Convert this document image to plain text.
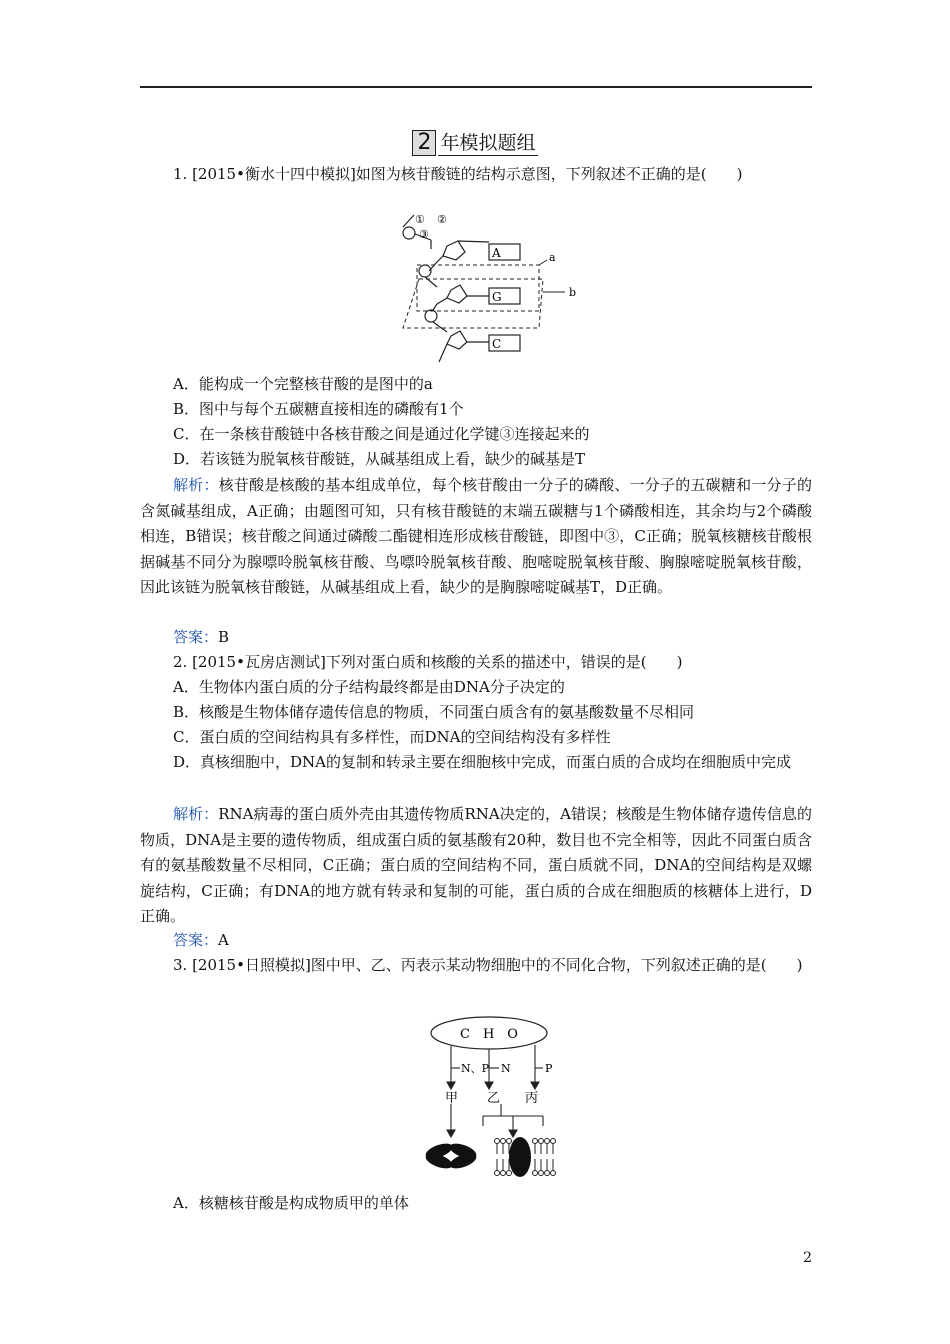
2 年模拟题组

1. [2015•衡水十四中模拟]如图为核苷酸链的结构示意图，下列叙述不正确的是(　　)

a
b
A
G
C
① ②
③

A．能构成一个完整核苷酸的是图中的a

B．图中与每个五碳糖直接相连的磷酸有1个

C．在一条核苷酸链中各核苷酸之间是通过化学键③连接起来的

D．若该链为脱氧核苷酸链，从碱基组成上看，缺少的碱基是T

解析：核苷酸是核酸的基本组成单位，每个核苷酸由一分子的磷酸、一分子的五碳糖和一分子的含氮碱基组成，A正确；由题图可知，只有核苷酸链的末端五碳糖与1个磷酸相连，其余均与2个磷酸相连，B错误；核苷酸之间通过磷酸二酯键相连形成核苷酸链，即图中③，C正确；脱氧核糖核苷酸根据碱基不同分为腺嘌呤脱氧核苷酸、鸟嘌呤脱氧核苷酸、胞嘧啶脱氧核苷酸、胸腺嘧啶脱氧核苷酸，因此该链为脱氧核苷酸链，从碱基组成上看，缺少的是胸腺嘧啶碱基T，D正确。

答案：B

2. [2015•瓦房店测试]下列对蛋白质和核酸的关系的描述中，错误的是(　　)

A．生物体内蛋白质的分子结构最终都是由DNA分子决定的

B．核酸是生物体储存遗传信息的物质，不同蛋白质含有的氨基酸数量不尽相同

C．蛋白质的空间结构具有多样性，而DNA的空间结构没有多样性

D．真核细胞中，DNA的复制和转录主要在细胞核中完成，而蛋白质的合成均在细胞质中完成

解析：RNA病毒的蛋白质外壳由其遗传物质RNA决定的，A错误；核酸是生物体储存遗传信息的物质，DNA是主要的遗传物质，组成蛋白质的氨基酸有20种，数目也不完全相等，因此不同蛋白质含有的氨基酸数量不尽相同，C正确；蛋白质的空间结构不同，蛋白质就不同，DNA的空间结构是双螺旋结构，C正确；有DNA的地方就有转录和复制的可能，蛋白质的合成在细胞质的核糖体上进行，D正确。

答案：A

3. [2015•日照模拟]图中甲、乙、丙表示某动物细胞中的不同化合物，下列叙述正确的是(　　)

C　H　O
N、P N	P
甲 乙 丙

A．核糖核苷酸是构成物质甲的单体

2
